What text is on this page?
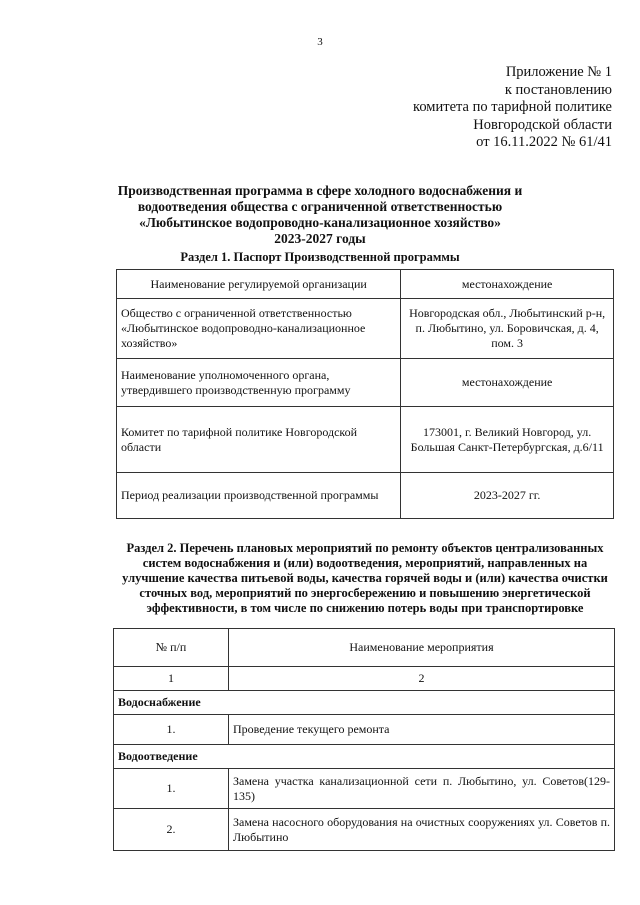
3
Приложение № 1
к постановлению
комитета по тарифной политике
Новгородской области
от 16.11.2022 № 61/41
Производственная программа в сфере холодного водоснабжения и
водоотведения общества с ограниченной ответственностью
«Любытинское водопроводно-канализационное хозяйство»
2023-2027 годы
Раздел 1. Паспорт Производственной программы
Наименование регулируемой организации	местонахождение
Общество с ограниченной ответственностью «Любытинское водопроводно-канализационное хозяйство»	Новгородская обл., Любытинский р-н, п. Любытино, ул. Боровичская, д. 4, пом. 3
Наименование уполномоченного органа, утвердившего производственную программу	местонахождение
Комитет по тарифной политике Новгородской области	173001, г. Великий Новгород, ул. Большая Санкт-Петербургская, д.6/11
Период реализации производственной программы	2023-2027 гг.
Раздел 2. Перечень плановых мероприятий по ремонту объектов централизованных систем водоснабжения и (или) водоотведения, мероприятий, направленных на улучшение качества питьевой воды, качества горячей воды и (или) качества очистки сточных вод, мероприятий по энергосбережению и повышению энергетической эффективности, в том числе по снижению потерь воды при транспортировке
№ п/п	Наименование мероприятия
1	2
Водоснабжение	
1.	Проведение текущего ремонта
Водоотведение	
1.	Замена участка канализационной сети п. Любытино, ул. Советов(129-135)
2.	Замена насосного оборудования на очистных сооружениях ул. Советов п. Любытино
